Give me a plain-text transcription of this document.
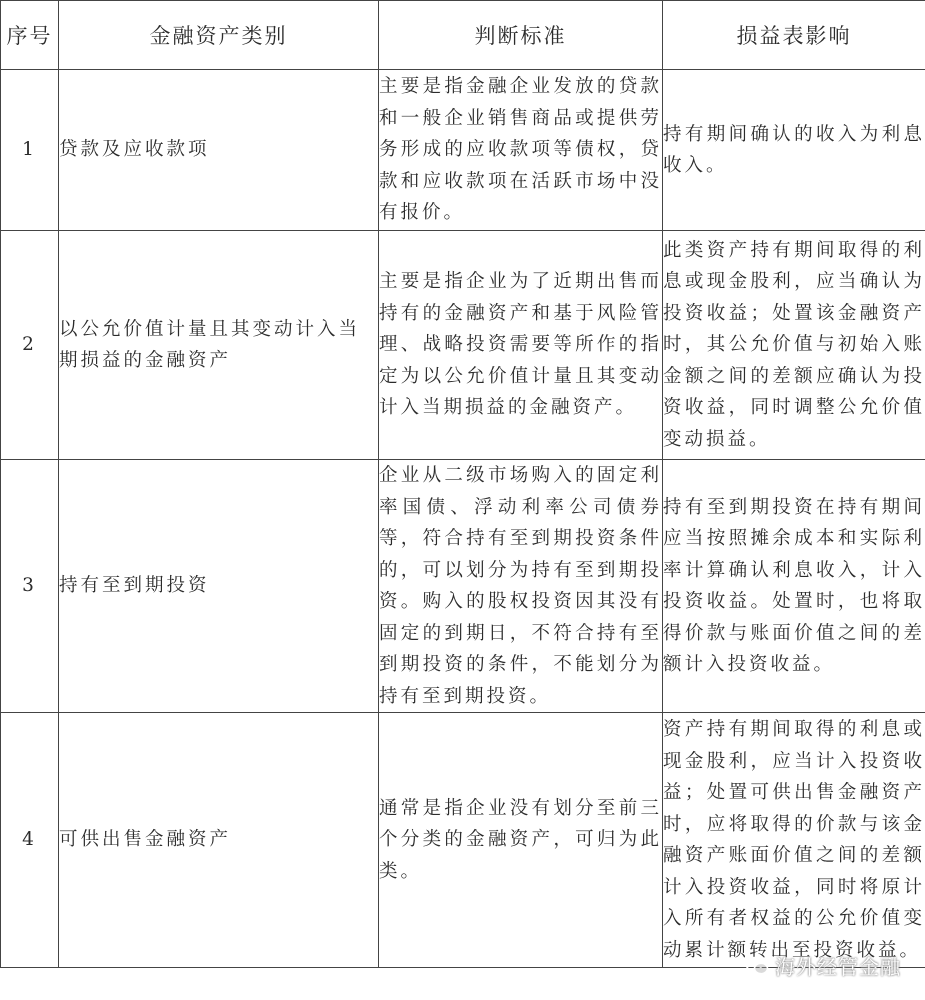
序号	金融资产类别	判断标准	损益表影响
1	贷款及应收款项	主要是指金融企业发放的贷款和一般企业销售商品或提供劳务形成的应收款项等债权，贷款和应收款项在活跃市场中没有报价。	持有期间确认的收入为利息收入。
2	以公允价值计量且其变动计入当期损益的金融资产	主要是指企业为了近期出售而持有的金融资产和基于风险管理、战略投资需要等所作的指定为以公允价值计量且其变动计入当期损益的金融资产。	此类资产持有期间取得的利息或现金股利，应当确认为投资收益；处置该金融资产时，其公允价值与初始入账金额之间的差额应确认为投资收益，同时调整公允价值变动损益。
3	持有至到期投资	企业从二级市场购入的固定利率国债、浮动利率公司债券等，符合持有至到期投资条件的，可以划分为持有至到期投资。购入的股权投资因其没有固定的到期日，不符合持有至到期投资的条件，不能划分为持有至到期投资。	持有至到期投资在持有期间应当按照摊余成本和实际利率计算确认利息收入，计入投资收益。处置时，也将取得价款与账面价值之间的差额计入投资收益。
4	可供出售金融资产	通常是指企业没有划分至前三个分类的金融资产，可归为此类。	资产持有期间取得的利息或现金股利，应当计入投资收益；处置可供出售金融资产时，应将取得的价款与该金融资产账面价值之间的差额计入投资收益，同时将原计入所有者权益的公允价值变动累计额转出至投资收益。
海外经管金融
